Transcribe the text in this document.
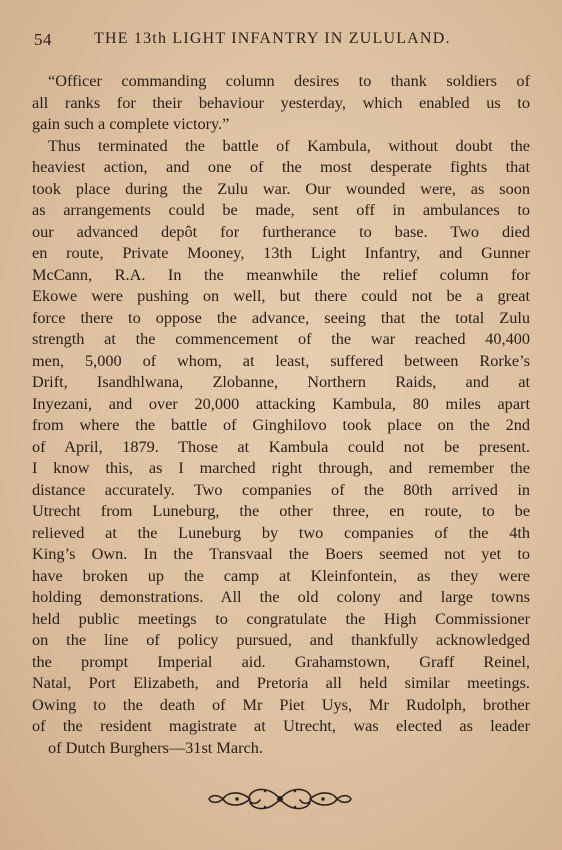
54	THE 13th LIGHT INFANTRY IN ZULULAND.
“Officer commanding column desires to thank soldiers of
all ranks for their behaviour yesterday, which enabled us to
gain such a complete victory.”
Thus terminated the battle of Kambula, without doubt the
heaviest action, and one of the most desperate fights that
took place during the Zulu war. Our wounded were, as soon
as arrangements could be made, sent off in ambulances to
our advanced depôt for furtherance to base. Two died
en route, Private Mooney, 13th Light Infantry, and Gunner
McCann, R.A. In the meanwhile the relief column for
Ekowe were pushing on well, but there could not be a great
force there to oppose the advance, seeing that the total Zulu
strength at the commencement of the war reached 40,400
men, 5,000 of whom, at least, suffered between Rorke’s
Drift, Isandhlwana, Zlobanne, Northern Raids, and at
Inyezani, and over 20,000 attacking Kambula, 80 miles apart
from where the battle of Ginghilovo took place on the 2nd
of April, 1879. Those at Kambula could not be present.
I know this, as I marched right through, and remember the
distance accurately. Two companies of the 80th arrived in
Utrecht from Luneburg, the other three, en route, to be
relieved at the Luneburg by two companies of the 4th
King’s Own. In the Transvaal the Boers seemed not yet to
have broken up the camp at Kleinfontein, as they were
holding demonstrations. All the old colony and large towns
held public meetings to congratulate the High Commissioner
on the line of policy pursued, and thankfully acknowledged
the prompt Imperial aid. Grahamstown, Graff Reinel,
Natal, Port Elizabeth, and Pretoria all held similar meetings.
Owing to the death of Mr Piet Uys, Mr Rudolph, brother
of the resident magistrate at Utrecht, was elected as leader
of Dutch Burghers—31st March.
